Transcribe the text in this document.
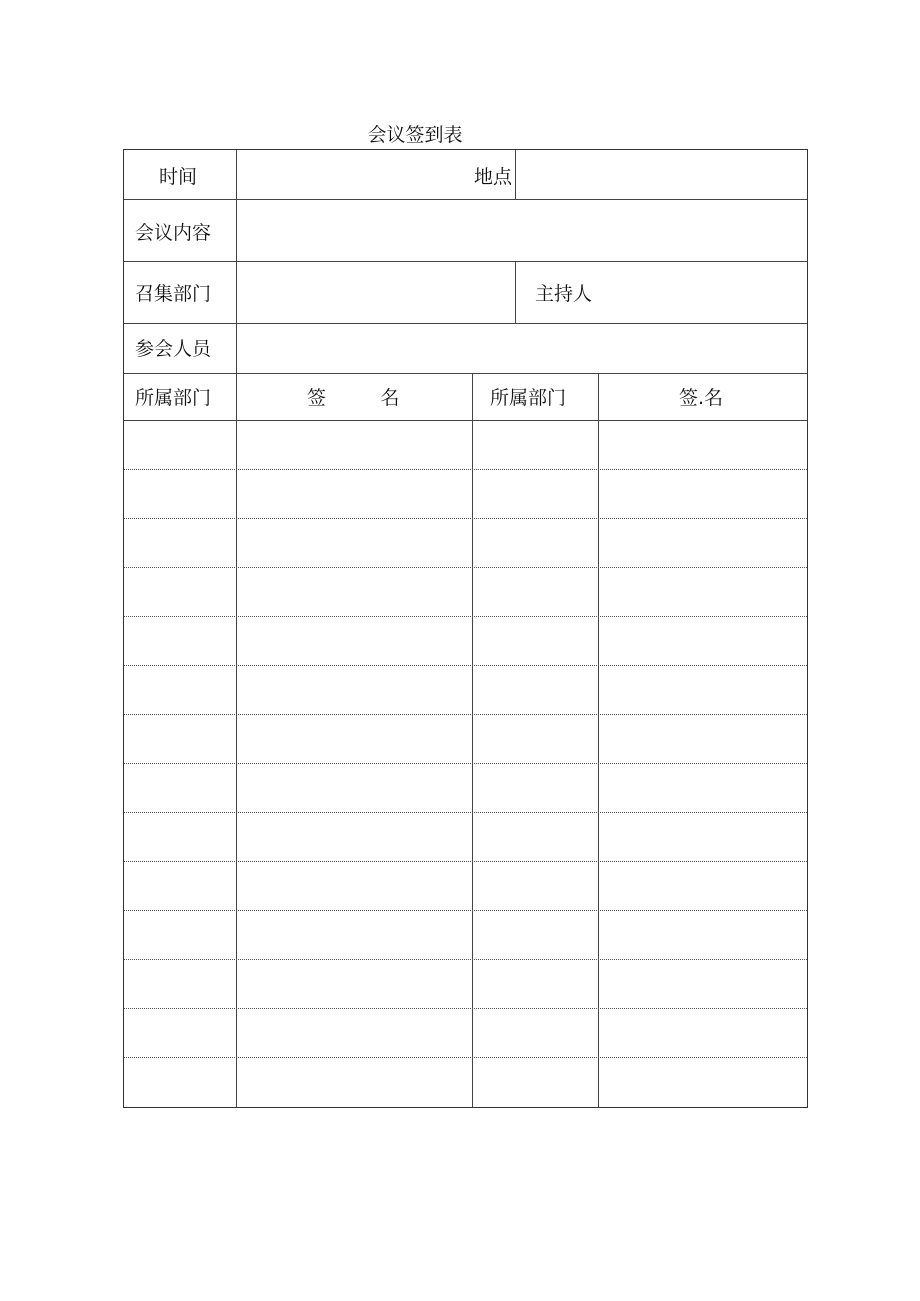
会议签到表
时间	地点
会议内容
召集部门	主持人
参会人员
所属部门	签         名	所属部门	签.名
